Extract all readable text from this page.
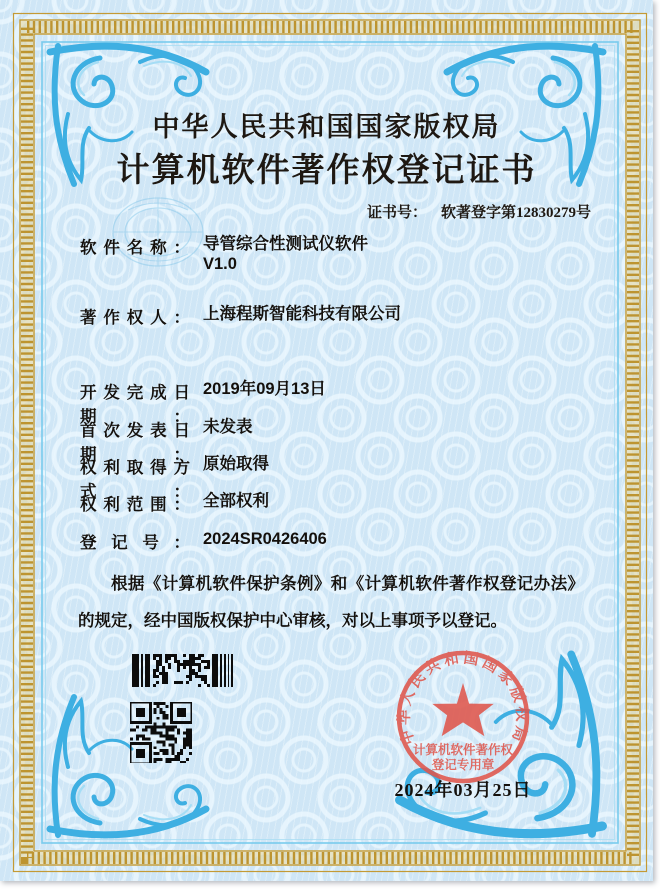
中华人民共和国国家版权局
计算机软件著作权登记证书
证书号： 软著登字第12830279号
软件名称： 导管综合性测试仪软件
V1.0
著作权人： 上海程斯智能科技有限公司
开发完成日期：
2019年09月13日
首次发表日期：
未发表
权利取得方式：
原始取得
权利范围： 全部权利
登记号： 2024SR0426406
根据《计算机软件保护条例》和《计算机软件著作权登记办法》的规定，经中国版权保护中心审核，对以上事项予以登记。
中华人民共和国国家版权局
计算机软件著作权
登记专用章
2024年03月25日
